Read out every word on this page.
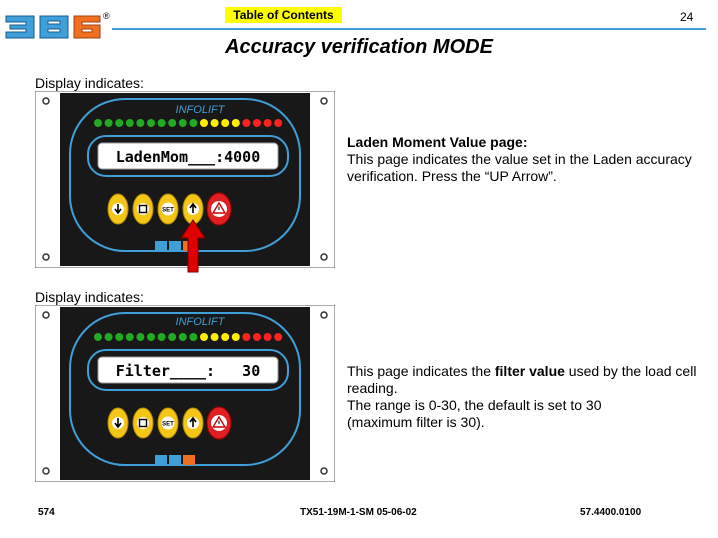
®	Table of Contents	24
Accuracy verification MODE
Display indicates:
INFOLIFT
LadenMom___:4000
SET
Laden Moment Value page:
This page indicates the value set in the Laden accuracy verification. Press the “UP Arrow”.
Display indicates:
INFOLIFT
Filter____:   30
SET
This page indicates the filter value used by the load cell reading.
The range is 0-30, the default is set to 30
(maximum filter is 30).
574	TX51-19M-1-SM 05-06-02	57.4400.0100
